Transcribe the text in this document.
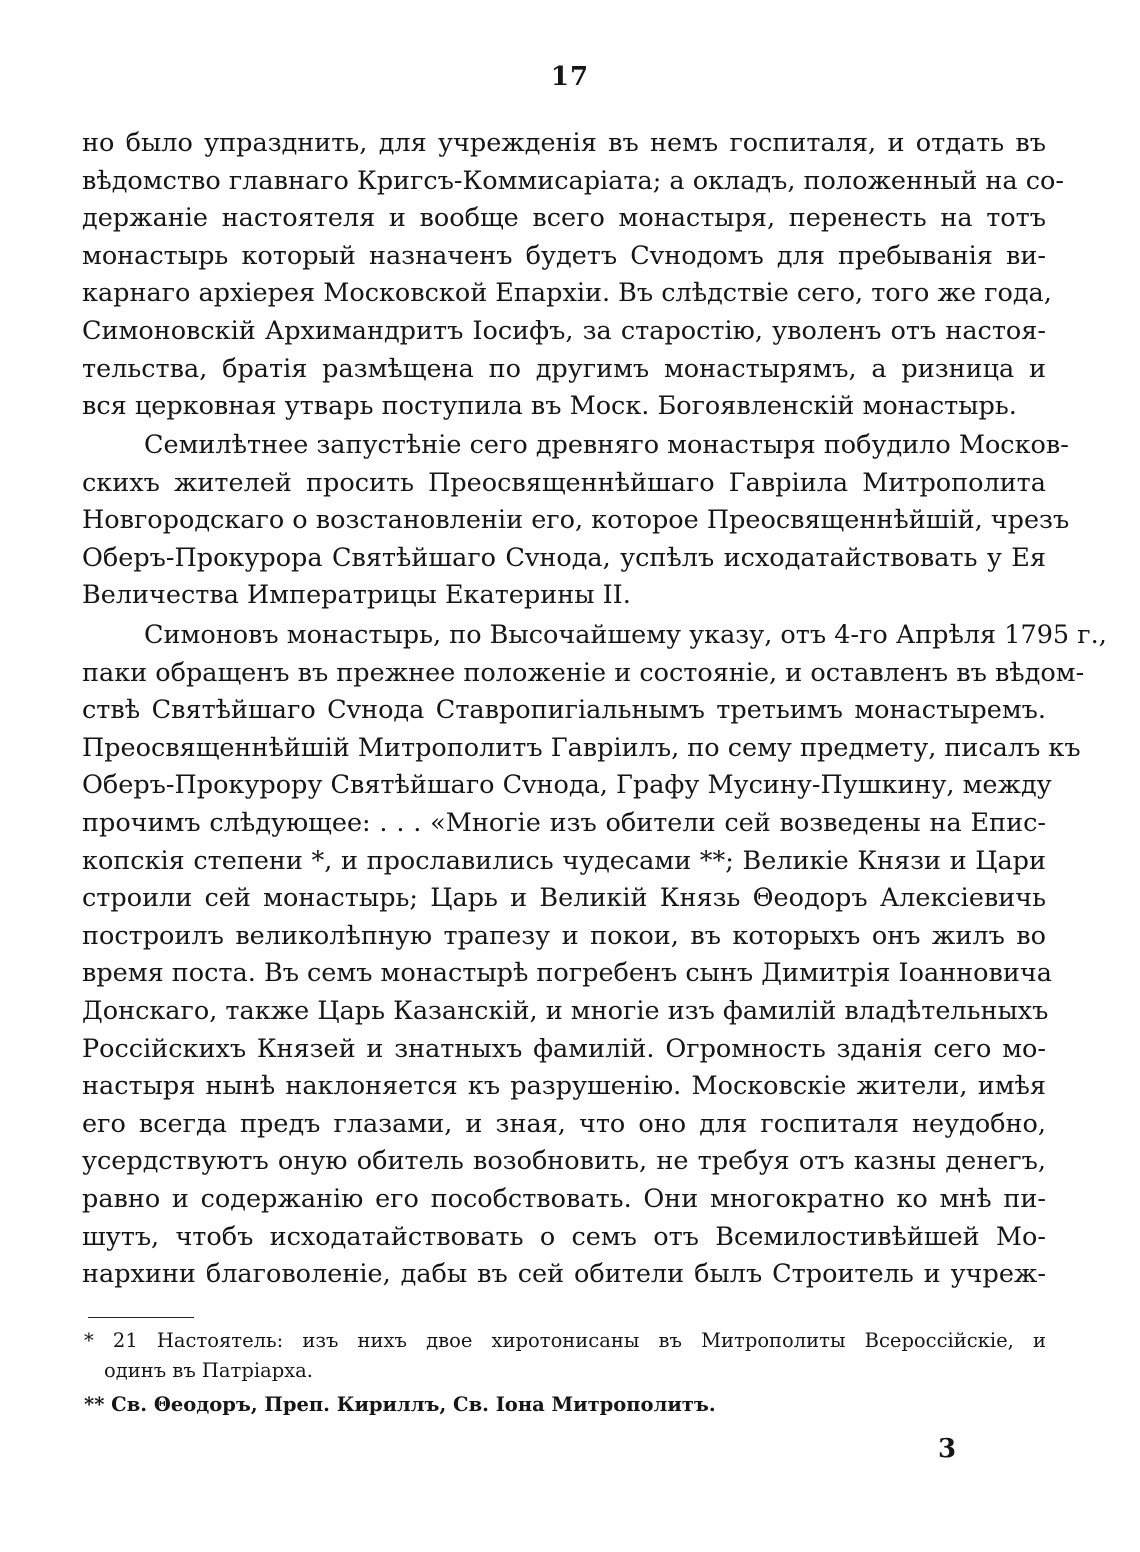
17
но было упразднить, для учрежденія въ немъ госпиталя, и отдать въ
вѣдомство главнаго Кригсъ-Коммисаріата; а окладъ, положенный на со-
держаніе настоятеля и вообще всего монастыря, перенесть на тотъ
монастырь который назначенъ будетъ Сvнодомъ для пребыванія ви-
карнаго архіерея Московской Епархіи. Въ слѣдствіе сего, того же года,
Симоновскій Архимандритъ Іосифъ, за старостію, уволенъ отъ настоя-
тельства, братія размѣщена по другимъ монастырямъ, а ризница и
вся церковная утварь поступила въ Моск. Богоявленскій монастырь.
Семилѣтнее запустѣніе сего древняго монастыря побудило Москов-
скихъ жителей просить Преосвященнѣйшаго Гавріила Митрополита
Новгородскаго о возстановленіи его, которое Преосвященнѣйшій, чрезъ
Оберъ-Прокурора Святѣйшаго Сvнода, успѣлъ исходатайствовать у Ея
Величества Императрицы Екатерины II.
Симоновъ монастырь, по Высочайшему указу, отъ 4-го Апрѣля 1795 г.,
паки обращенъ въ прежнее положеніе и состояніе, и оставленъ въ вѣдом-
ствѣ Святѣйшаго Сvнода Ставропигіальнымъ третьимъ монастыремъ.
Преосвященнѣйшій Митрополитъ Гавріилъ, по сему предмету, писалъ къ
Оберъ-Прокурору Святѣйшаго Сvнода, Графу Мусину-Пушкину, между
прочимъ слѣдующее: . . . «Многіе изъ обители сей возведены на Епис-
копскія степени *, и прославились чудесами **; Великіе Князи и Цари
строили сей монастырь; Царь и Великій Князь Θеодоръ Алексіевичь
построилъ великолѣпную трапезу и покои, въ которыхъ онъ жилъ во
время поста. Въ семъ монастырѣ погребенъ сынъ Димитрія Іоанновича
Донскаго, также Царь Казанскій, и многіе изъ фамилій владѣтельныхъ
Россійскихъ Князей и знатныхъ фамилій. Огромность зданія сего мо-
настыря нынѣ наклоняется къ разрушенію. Московскіе жители, имѣя
его всегда предъ глазами, и зная, что оно для госпиталя неудобно,
усердствуютъ оную обитель возобновить, не требуя отъ казны денегъ,
равно и содержанію его пособствовать. Они многократно ко мнѣ пи-
шутъ, чтобъ исходатайствовать о семъ отъ Всемилостивѣйшей Мо-
нархини благоволеніе, дабы въ сей обители былъ Строитель и учреж-
* 21 Настоятель: изъ нихъ двое хиротонисаны въ Митрополиты Всероссійскіе, и
одинъ въ Патріарха.
** Св. Θеодоръ, Преп. Кириллъ, Св. Іона Митрополитъ.
3
